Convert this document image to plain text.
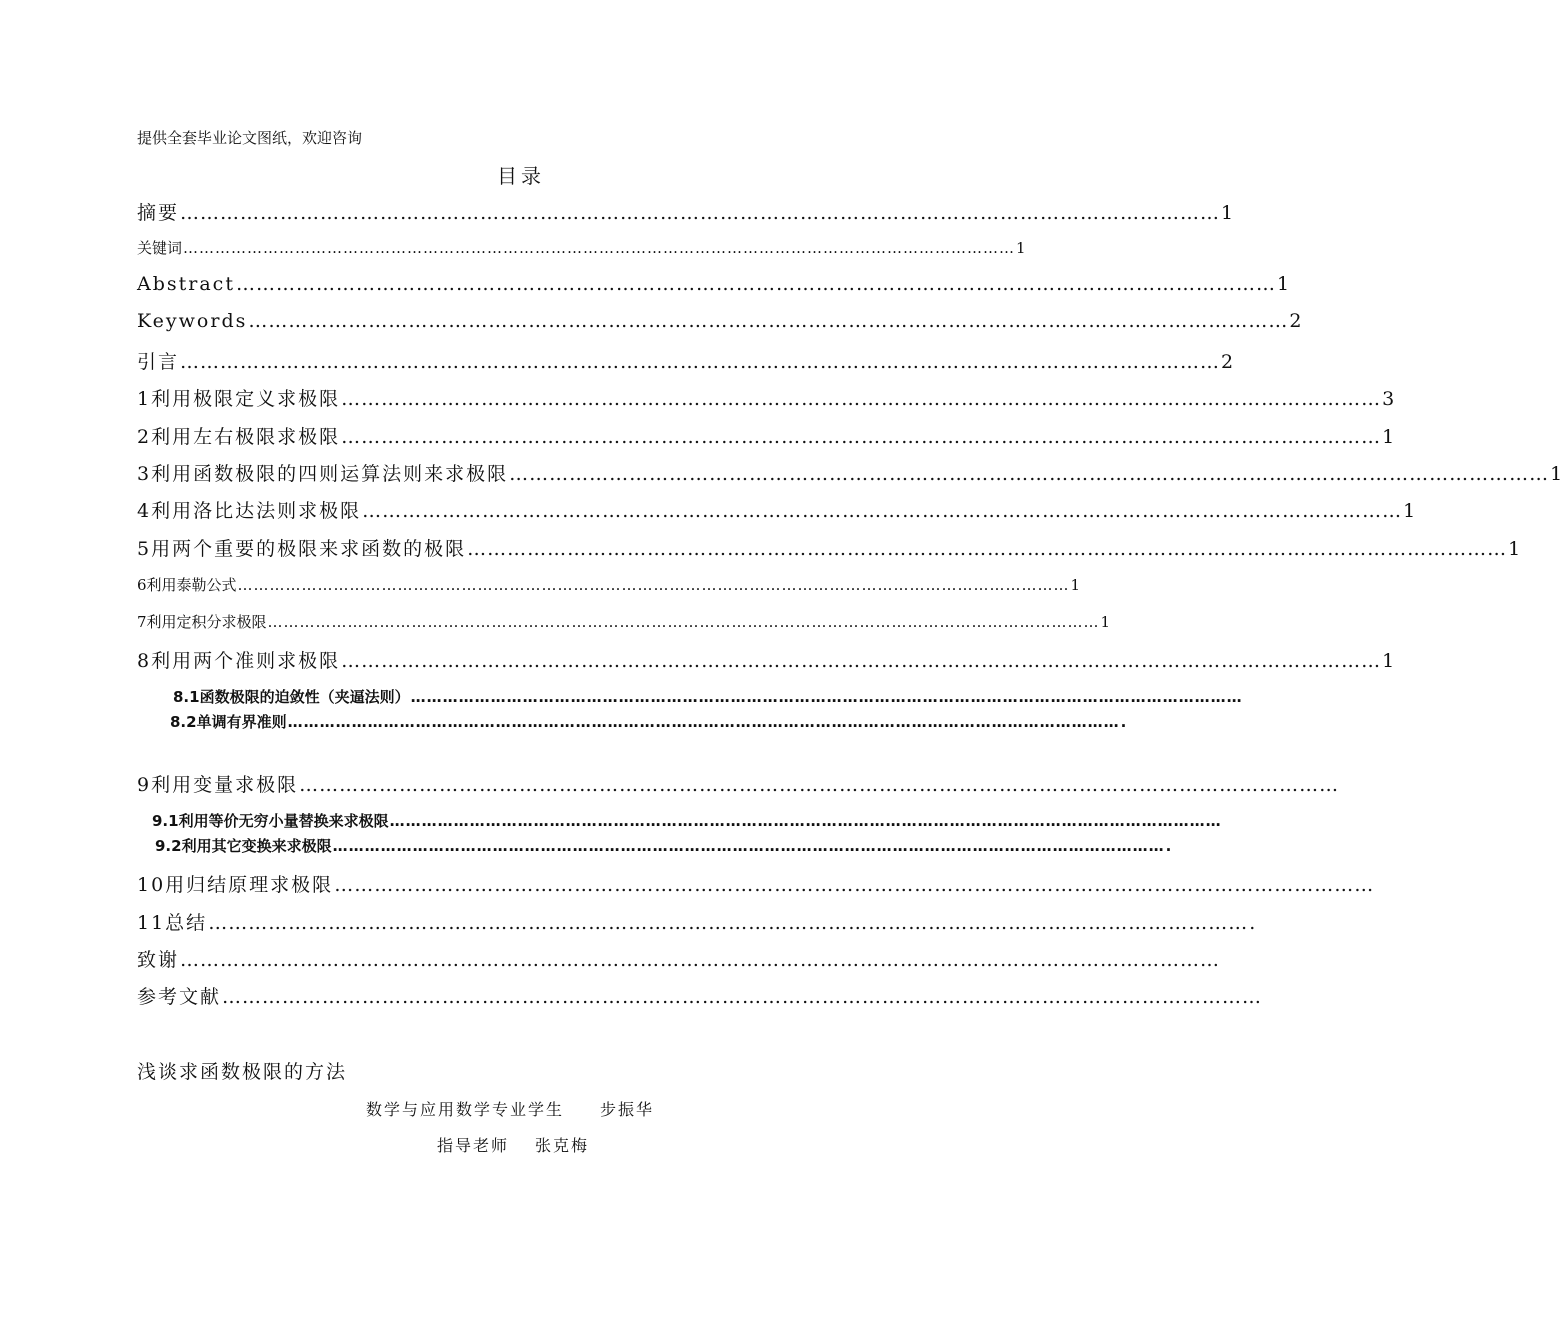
提供全套毕业论文图纸，欢迎咨询
目录
摘要 ………………………………………………………………………………………………………………………………………… 1
关键词 ………………………………………………………………………………………………………………………………………… 1
Abstract ………………………………………………………………………………………………………………………………………… 1
Keywords ………………………………………………………………………………………………………………………………………… 2
引言 ………………………………………………………………………………………………………………………………………… 2
1利用极限定义求极限 ………………………………………………………………………………………………………………………………………… 3
2利用左右极限求极限 ………………………………………………………………………………………………………………………………………… 1
3利用函数极限的四则运算法则来求极限 ………………………………………………………………………………………………………………………………………… 1
4利用洛比达法则求极限 ………………………………………………………………………………………………………………………………………… 1
5用两个重要的极限来求函数的极限 ………………………………………………………………………………………………………………………………………… 1
6利用泰勒公式 ………………………………………………………………………………………………………………………………………… 1
7利用定积分求极限 ………………………………………………………………………………………………………………………………………… 1
8利用两个准则求极限 ………………………………………………………………………………………………………………………………………… 1
8.1函数极限的迫敛性（夹逼法则） …………………………………………………………………………………………………………………………………………
8.2单调有界准则 ………………………………………………………………………………………………………………………………………… .
9利用变量求极限 …………………………………………………………………………………………………………………………………………
9.1利用等价无穷小量替换来求极限 …………………………………………………………………………………………………………………………………………
9.2利用其它变换来求极限 ………………………………………………………………………………………………………………………………………… .
10用归结原理求极限 …………………………………………………………………………………………………………………………………………
11总结 ………………………………………………………………………………………………………………………………………… .
致谢 …………………………………………………………………………………………………………………………………………
参考文献 …………………………………………………………………………………………………………………………………………
浅谈求函数极限的方法
数学与应用数学专业学生 步振华
指导老师 张克梅
